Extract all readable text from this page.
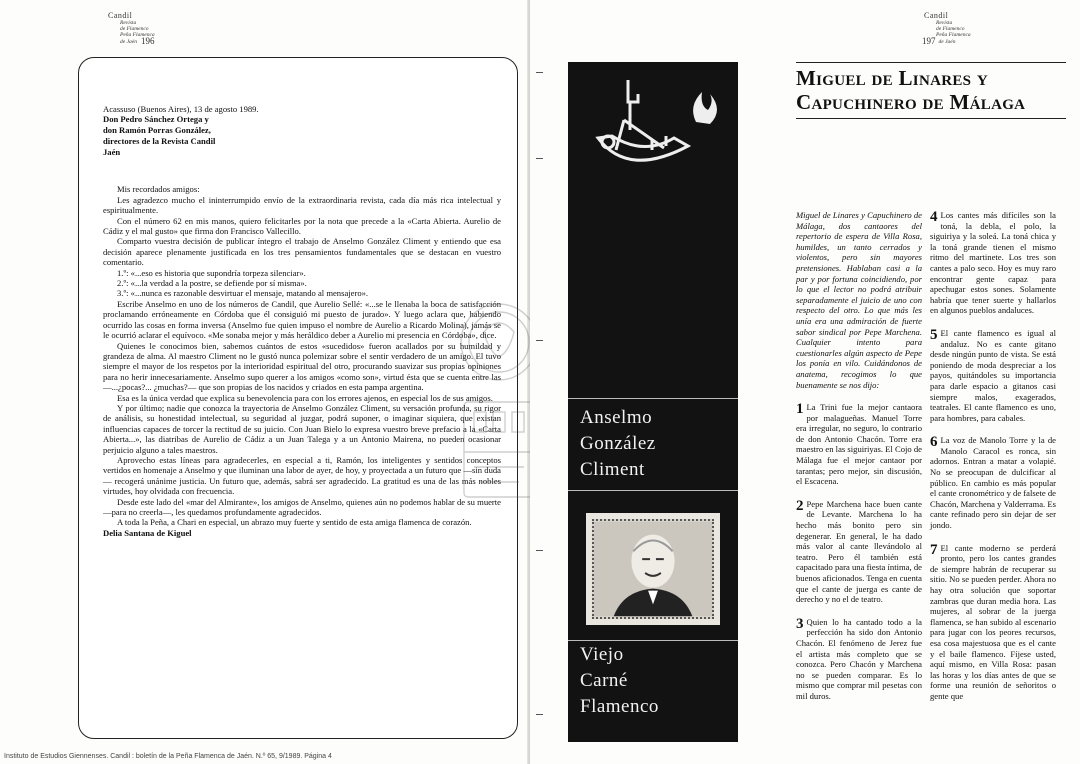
Candil
Revista
de Flamenco
Peña Flamenca
de Jaén 196

Acassuso (Buenos Aires), 13 de agosto 1989.

Don Pedro Sánchez Ortega y
don Ramón Porras González,
directores de la Revista Candil
Jaén

Mis recordados amigos:

Les agradezco mucho el ininterrumpido envío de la extraordinaria revista, cada día más rica intelectual y espiritualmente.

Con el número 62 en mis manos, quiero felicitarles por la nota que precede a la «Carta Abierta. Aurelio de Cádiz y el mal gusto» que firma don Francisco Vallecillo.

Comparto vuestra decisión de publicar íntegro el trabajo de Anselmo González Climent y entiendo que esa decisión aparece plenamente justificada en los tres pensamientos fundamentales que se destacan en vuestro comentario.

1.º: «...eso es historia que supondría torpeza silenciar».

2.º: «...la verdad a la postre, se defiende por sí misma».

3.º: «...nunca es razonable desvirtuar el mensaje, matando al mensajero».

Escribe Anselmo en uno de los números de Candil, que Aurelio Sellé: «...se le llenaba la boca de satisfacción proclamando erróneamente en Córdoba que él consiguió mi puesto de jurado». Y luego aclara que, habiendo ocurrido las cosas en forma inversa (Anselmo fue quien impuso el nombre de Aurelio a Ricardo Molina), jamás se le ocurrió aclarar el equívoco. «Me sonaba mejor y más heráldico deber a Aurelio mi presencia en Córdoba», dice.

Quienes le conocimos bien, sabemos cuántos de estos «sucedidos» fueron acallados por su humildad y grandeza de alma. Al maestro Climent no le gustó nunca polemizar sobre el sentir verdadero de un amigo. El tuvo siempre el mayor de los respetos por la interioridad espiritual del otro, procurando suavizar sus propias opiniones para no herir innecesariamente. Anselmo supo querer a los amigos «como son», virtud ésta que se cuenta entre las —...¿pocas?... ¿muchas?— que son propias de los nacidos y criados en esta pampa argentina.

Esa es la única verdad que explica su benevolencia para con los errores ajenos, en especial los de sus amigos.

Y por último; nadie que conozca la trayectoria de Anselmo González Climent, su versación profunda, su rigor de análisis, su honestidad intelectual, su seguridad al juzgar, podrá suponer, o imaginar siquiera, que existan influencias capaces de torcer la rectitud de su juicio. Con Juan Bielo lo expresa vuestro breve prefacio a la «Carta Abierta...», las diatribas de Aurelio de Cádiz a un Juan Talega y a un Antonio Mairena, no pueden ocasionar perjuicio alguno a tales maestros.

Aprovecho estas líneas para agradecerles, en especial a ti, Ramón, los inteligentes y sentidos conceptos vertidos en homenaje a Anselmo y que iluminan una labor de ayer, de hoy, y proyectada a un futuro que —sin duda— recogerá unánime justicia. Un futuro que, además, sabrá ser agradecido. La gratitud es una de las más nobles virtudes, hoy olvidada con frecuencia.

Desde este lado del «mar del Almirante», los amigos de Anselmo, quienes aún no podemos hablar de su muerte —para no creerla—, les quedamos profundamente agradecidos.

A toda la Peña, a Chari en especial, un abrazo muy fuerte y sentido de esta amiga flamenca de corazón.

Delia Santana de Kiguel

Candil
Revista
de Flamenco
Peña Flamenca
197 de Jaén
Anselmo
González
Climent
Viejo
Carné
Flamenco
Miguel de Linares y
Capuchinero de Málaga

Miguel de Linares y Capuchinero de Málaga, dos cantaores del repertorio de espera de Villa Rosa, humildes, un tanto cerrados y violentos, pero sin mayores pretensiones. Hablaban casi a la par y por fortuna coincidiendo, por lo que el lector no podrá atribuir separadamente el juicio de uno con respecto del otro. Lo que más les unía era una admiración de fuerte sabor sindical por Pepe Marchena. Cualquier intento para cuestionarles algún aspecto de Pepe los ponía en vilo. Cuidándonos de anatema, recogimos lo que buenamente se nos dijo:

1 La Trini fue la mejor cantaora por malagueñas. Manuel Torre era irregular, no seguro, lo contrario de don Antonio Chacón. Torre era maestro en las siguiriyas. El Cojo de Málaga fue el mejor cantaor por tarantas; pero mejor, sin discusión, el Escacena.

2 Pepe Marchena hace buen cante de Levante. Marchena lo ha hecho más bonito pero sin degenerar. En general, le ha dado más valor al cante llevándolo al teatro. Pero él también está capacitado para una fiesta íntima, de buenos aficionados. Tenga en cuenta que el cante de juerga es cante de derecho y no el de teatro.

3 Quien lo ha cantado todo a la perfección ha sido don Antonio Chacón. El fenómeno de Jerez fue el artista más completo que se conozca. Pero Chacón y Marchena no se pueden comparar. Es lo mismo que comprar mil pesetas con mil duros.

4 Los cantes más difíciles son la toná, la debla, el polo, la siguiriya y la soleá. La toná chica y la toná grande tienen el mismo ritmo del martinete. Los tres son cantes a palo seco. Hoy es muy raro encontrar gente capaz para apechugar estos sones. Solamente habría que tener suerte y hallarlos en algunos pueblos andaluces.

5 El cante flamenco es igual al andaluz. No es cante gitano desde ningún punto de vista. Se está poniendo de moda despreciar a los payos, quitándoles su importancia para darle espacio a gitanos casi siempre malos, exagerados, teatrales. El cante flamenco es uno, para hombres, para cabales.

6 La voz de Manolo Torre y la de Manolo Caracol es ronca, sin adornos. Entran a matar a volapié. No se preocupan de dulcificar al público. En cambio es más popular el cante cronométrico y de falsete de Chacón, Marchena y Valderrama. Es cante refinado pero sin dejar de ser jondo.

7 El cante moderno se perderá pronto, pero los cantes grandes de siempre habrán de recuperar su sitio. No se pueden perder. Ahora no hay otra solución que soportar zambras que duran media hora. Las mujeres, al sobrar de la juerga flamenca, se han subido al escenario para jugar con los peores recursos, esa cosa majestuosa que es el cante y el baile flamenco. Fíjese usted, aquí mismo, en Villa Rosa: pasan las horas y los días antes de que se forme una reunión de señoritos o gente que

Instituto de Estudios Giennenses. Candil : boletín de la Peña Flamenca de Jaén. N.º 65, 9/1989. Página 4
